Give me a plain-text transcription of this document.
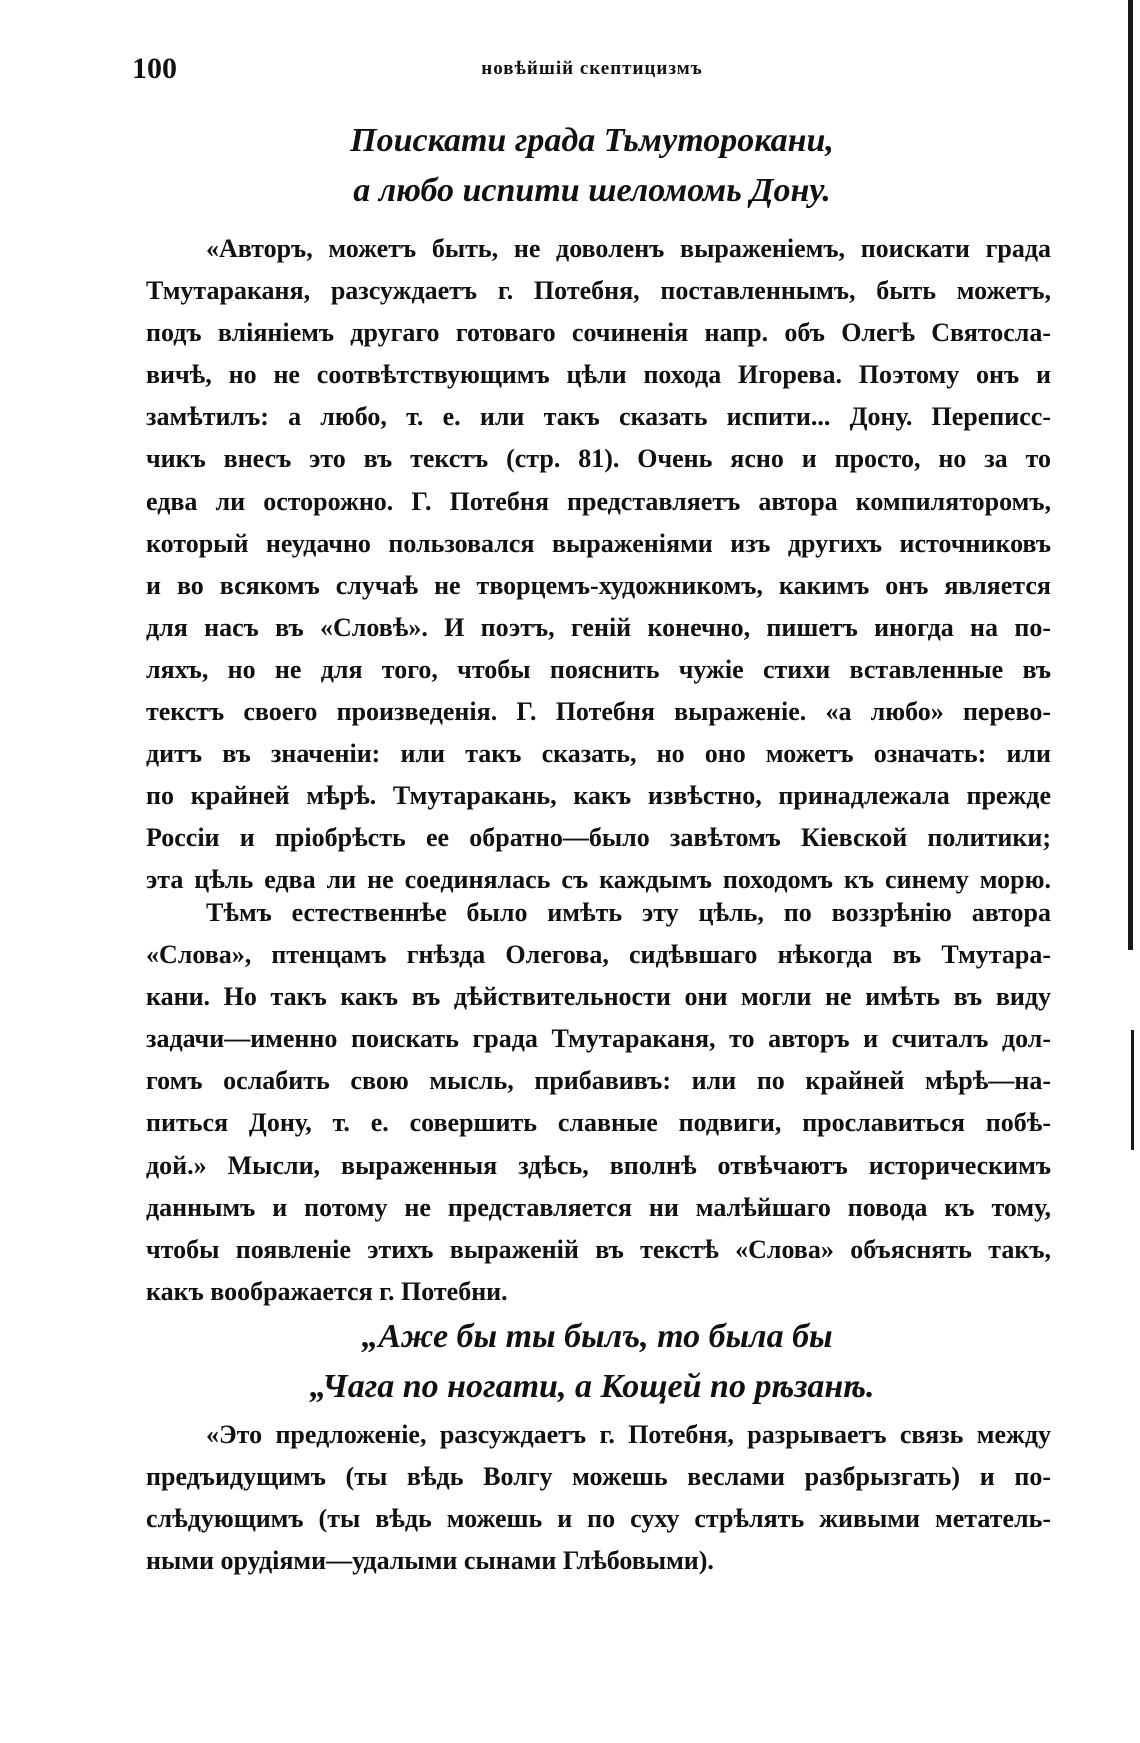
100	новѣйшій скептицизмъ
Поискати града Тьмуторокани,
а любо испити шеломомь Дону.
«Авторъ, можетъ быть, не доволенъ выраженіемъ, поискати града
Тмутараканя, разсуждаетъ г. Потебня, поставленнымъ, быть можетъ,
подъ вліяніемъ другаго готоваго сочиненія напр. объ Олегѣ Святосла-
вичѣ, но не соотвѣтствующимъ цѣли похода Игорева. Поэтому онъ и
замѣтилъ: а любо, т. е. или такъ сказать испити... Дону. Переписс-
чикъ внесъ это въ текстъ (стр. 81). Очень ясно и просто, но за то
едва ли осторожно. Г. Потебня представляетъ автора компиляторомъ,
который неудачно пользовался выраженіями изъ другихъ источниковъ
и во всякомъ случаѣ не творцемъ-художникомъ, какимъ онъ является
для насъ въ «Словѣ». И поэтъ, геній конечно, пишетъ иногда на по-
ляхъ, но не для того, чтобы пояснить чужіе стихи вставленные въ
текстъ своего произведенія. Г. Потебня выраженіе. «а любо» перево-
дитъ въ значеніи: или такъ сказать, но оно можетъ означать: или
по крайней мѣрѣ. Тмутаракань, какъ извѣстно, принадлежала прежде
Россіи и пріобрѣсть ее обратно—было завѣтомъ Кіевской политики;
эта цѣль едва ли не соединялась съ каждымъ походомъ къ синему морю.
Тѣмъ естественнѣе было имѣть эту цѣль, по воззрѣнію автора
«Слова», птенцамъ гнѣзда Олегова, сидѣвшаго нѣкогда въ Тмутара-
кани. Но такъ какъ въ дѣйствительности они могли не имѣть въ виду
задачи—именно поискать града Тмутараканя, то авторъ и считалъ дол-
гомъ ослабить свою мысль, прибавивъ: или по крайней мѣрѣ—на-
питься Дону, т. е. совершить славные подвиги, прославиться побѣ-
дой.» Мысли, выраженныя здѣсь, вполнѣ отвѣчаютъ историческимъ
даннымъ и потому не представляется ни малѣйшаго повода къ тому,
чтобы появленіе этихъ выраженій въ текстѣ «Слова» объяснять такъ,
какъ воображается г. Потебни.
„Аже бы ты былъ, то была бы
„Чага по ногати, а Кощей по рѣзанѣ.
«Это предложеніе, разсуждаетъ г. Потебня, разрываетъ связь между
предъидущимъ (ты вѣдь Волгу можешь веслами разбрызгать) и по-
слѣдующимъ (ты вѣдь можешь и по суху стрѣлять живыми метатель-
ными орудіями—удалыми сынами Глѣбовыми).
